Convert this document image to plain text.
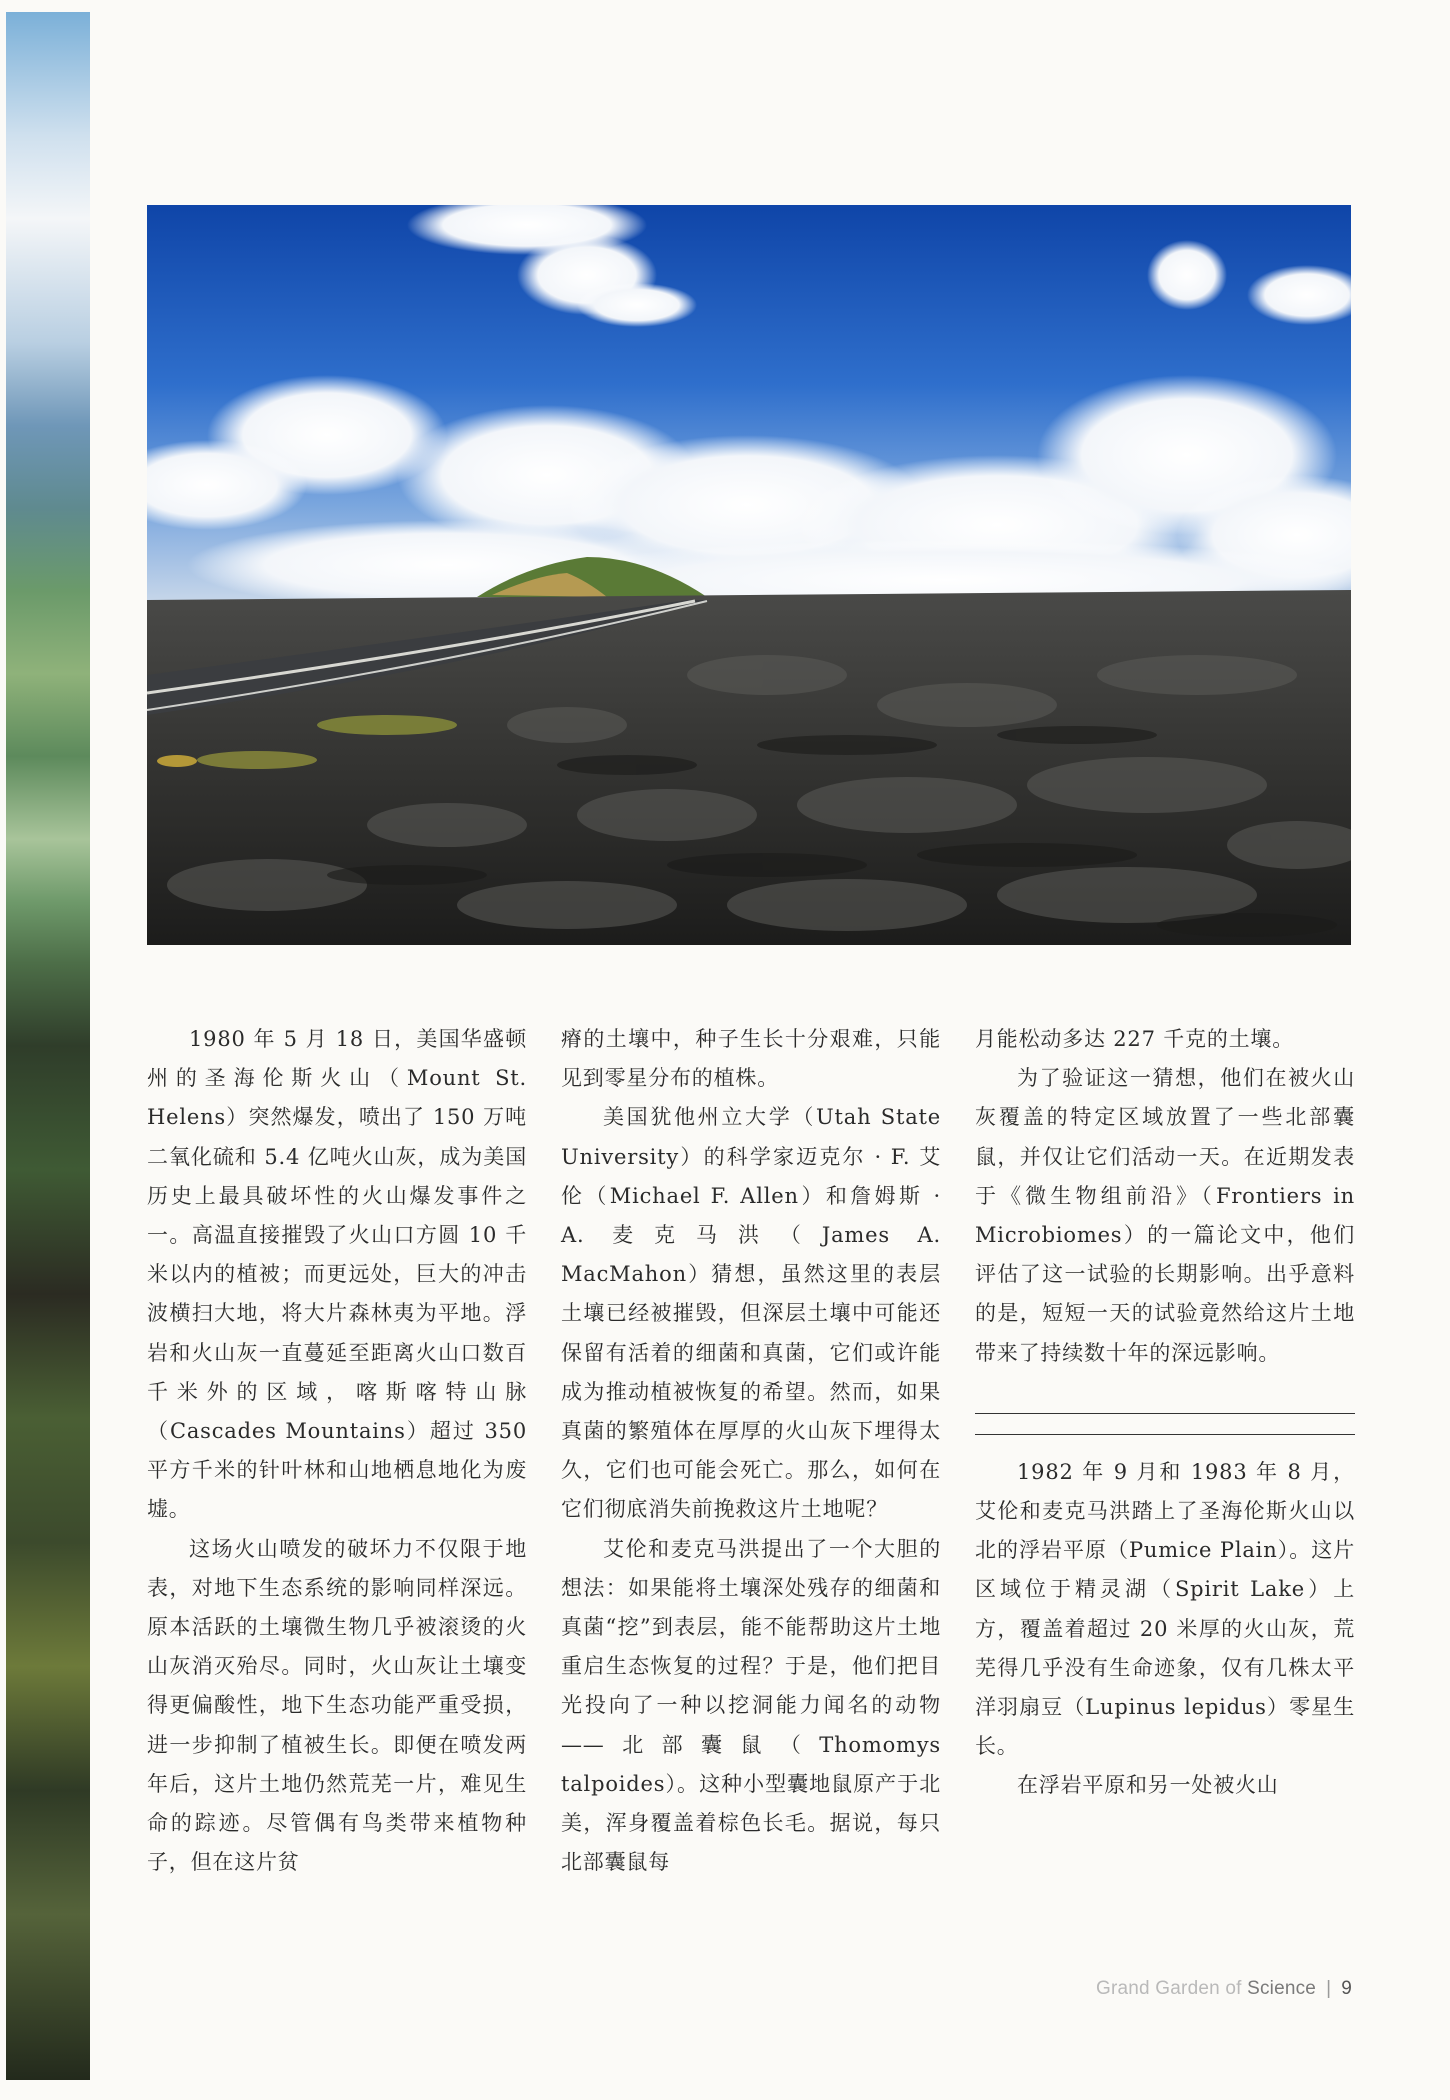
1980 年 5 月 18 日，美国华盛顿州的圣海伦斯火山（Mount St. Helens）突然爆发，喷出了 150 万吨二氧化硫和 5.4 亿吨火山灰，成为美国历史上最具破坏性的火山爆发事件之一。高温直接摧毁了火山口方圆 10 千米以内的植被；而更远处，巨大的冲击波横扫大地，将大片森林夷为平地。浮岩和火山灰一直蔓延至距离火山口数百千米外的区域，喀斯喀特山脉（Cascades Mountains）超过 350 平方千米的针叶林和山地栖息地化为废墟。

这场火山喷发的破坏力不仅限于地表，对地下生态系统的影响同样深远。原本活跃的土壤微生物几乎被滚烫的火山灰消灭殆尽。同时，火山灰让土壤变得更偏酸性，地下生态功能严重受损，进一步抑制了植被生长。即便在喷发两年后，这片土地仍然荒芜一片，难见生命的踪迹。尽管偶有鸟类带来植物种子，但在这片贫

瘠的土壤中，种子生长十分艰难，只能见到零星分布的植株。

美国犹他州立大学（Utah State University）的科学家迈克尔 · F. 艾伦（Michael F. Allen）和詹姆斯 · A. 麦克马洪（James A. MacMahon）猜想，虽然这里的表层土壤已经被摧毁，但深层土壤中可能还保留有活着的细菌和真菌，它们或许能成为推动植被恢复的希望。然而，如果真菌的繁殖体在厚厚的火山灰下埋得太久，它们也可能会死亡。那么，如何在它们彻底消失前挽救这片土地呢？

艾伦和麦克马洪提出了一个大胆的想法：如果能将土壤深处残存的细菌和真菌“挖”到表层，能不能帮助这片土地重启生态恢复的过程？于是，他们把目光投向了一种以挖洞能力闻名的动物——北部囊鼠（Thomomys talpoides）。这种小型囊地鼠原产于北美，浑身覆盖着棕色长毛。据说，每只北部囊鼠每

月能松动多达 227 千克的土壤。

为了验证这一猜想，他们在被火山灰覆盖的特定区域放置了一些北部囊鼠，并仅让它们活动一天。在近期发表于《微生物组前沿》（Frontiers in Microbiomes）的一篇论文中，他们评估了这一试验的长期影响。出乎意料的是，短短一天的试验竟然给这片土地带来了持续数十年的深远影响。

1982 年 9 月和 1983 年 8 月，艾伦和麦克马洪踏上了圣海伦斯火山以北的浮岩平原（Pumice Plain）。这片区域位于精灵湖（Spirit Lake）上方，覆盖着超过 20 米厚的火山灰，荒芜得几乎没有生命迹象，仅有几株太平洋羽扇豆（Lupinus lepidus）零星生长。

在浮岩平原和另一处被火山

Grand Garden of Science | 9
